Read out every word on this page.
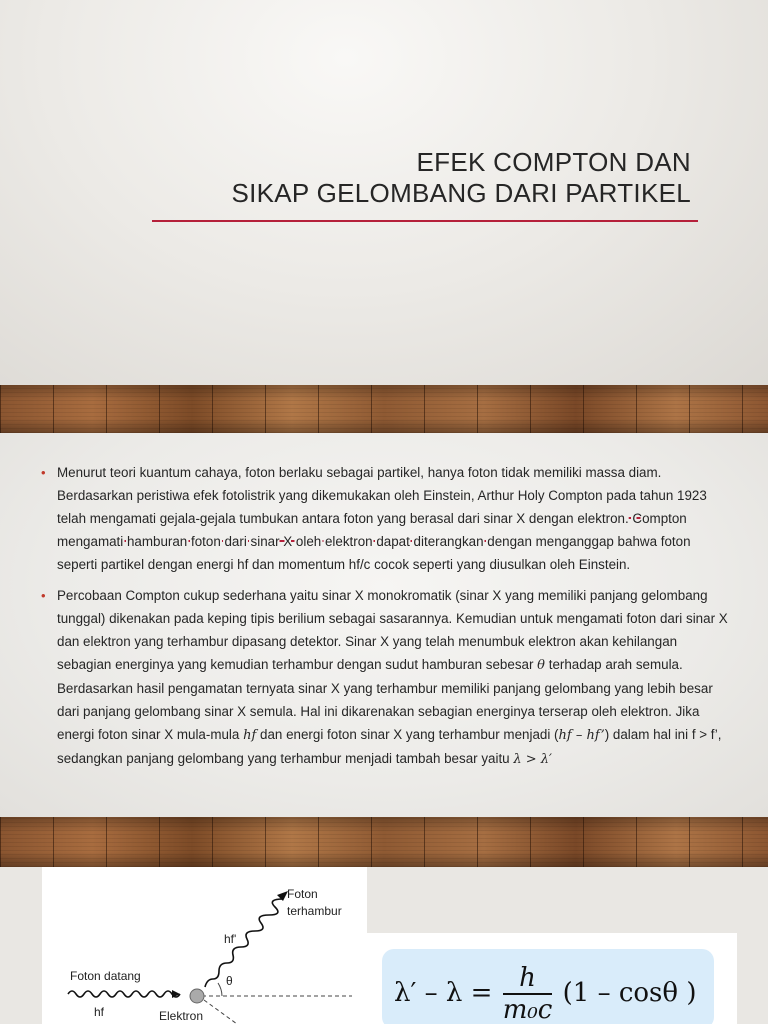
EFEK COMPTON DAN
SIKAP GELOMBANG DARI PARTIKEL
• Menurut teori kuantum cahaya, foton berlaku sebagai partikel, hanya foton tidak memiliki massa diam. Berdasarkan peristiwa efek fotolistrik yang dikemukakan oleh Einstein, Arthur Holy Compton pada tahun 1923 telah mengamati gejala-gejala tumbukan antara foton yang berasal dari sinar X dengan elektron. Compton mengamati hamburan foton dari sinar X oleh elektron dapat diterangkan dengan menganggap bahwa foton seperti partikel dengan energi hf dan momentum hf/c cocok seperti yang diusulkan oleh Einstein.

• Percobaan Compton cukup sederhana yaitu sinar X monokromatik (sinar X yang memiliki panjang gelombang tunggal) dikenakan pada keping tipis berilium sebagai sasarannya. Kemudian untuk mengamati foton dari sinar X dan elektron yang terhambur dipasang detektor. Sinar X yang telah menumbuk elektron akan kehilangan sebagian energinya yang kemudian terhambur dengan sudut hamburan sebesar θ terhadap arah semula. Berdasarkan hasil pengamatan ternyata sinar X yang terhambur memiliki panjang gelombang yang lebih besar dari panjang gelombang sinar X semula. Hal ini dikarenakan sebagian energinya terserap oleh elektron. Jika energi foton sinar X mula-mula hf dan energi foton sinar X yang terhambur menjadi (hf – hf’) dalam hal ini f > f’, sedangkan panjang gelombang yang terhambur menjadi tambah besar yaitu λ > λ′

Foton
terhambur
hf'
θ
Foton datang
hf	Elektron
$\lambda' - \lambda = \frac{h}{\text{m₀c}} (1 - \cos\theta$ )
